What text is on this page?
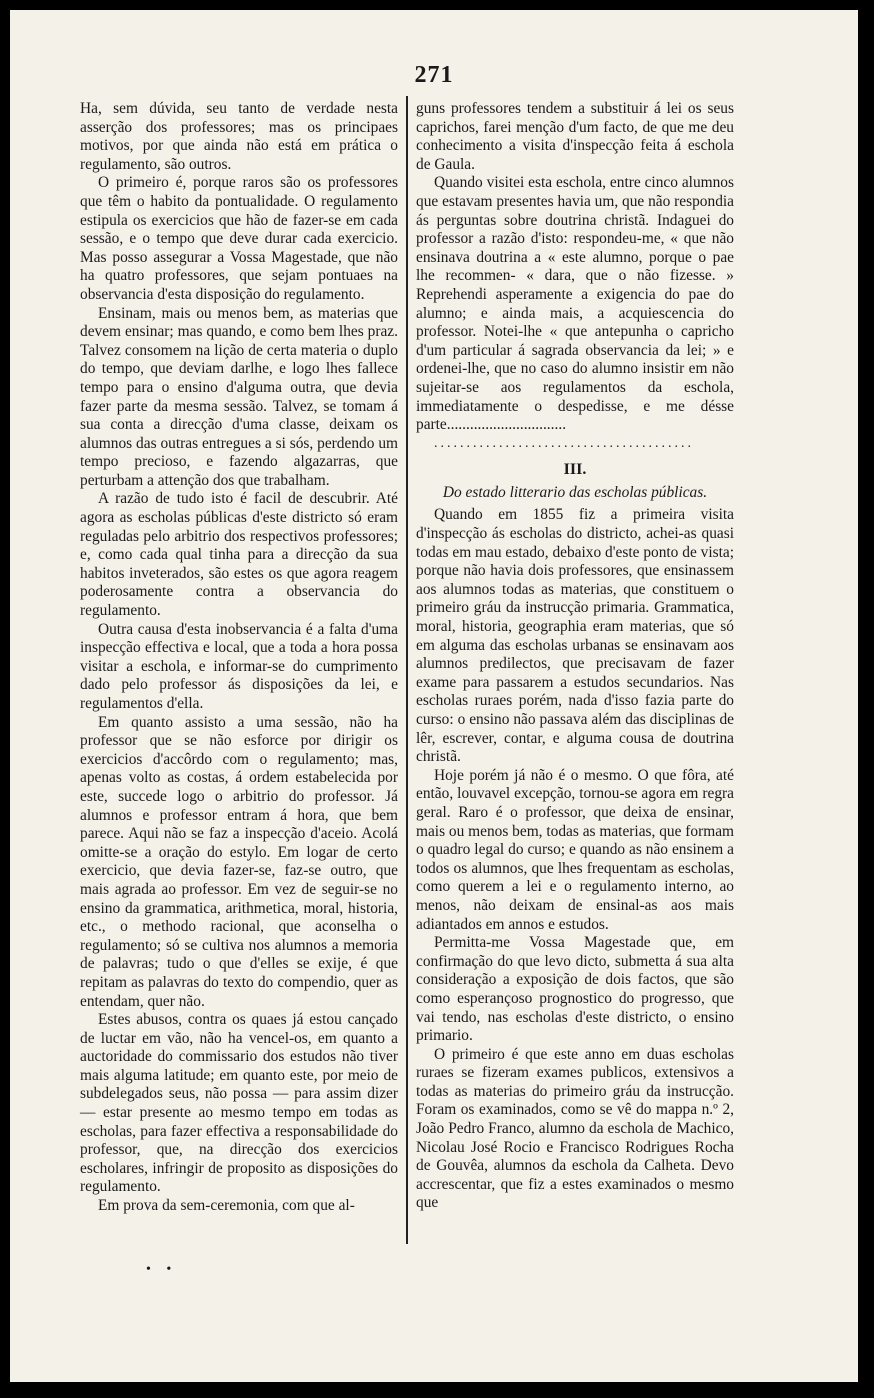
271

Ha, sem dúvida, seu tanto de verdade nesta asserção dos professores; mas os principaes motivos, por que ainda não está em prática o regulamento, são outros.

O primeiro é, porque raros são os professores que têm o habito da pontualidade. O regulamento estipula os exercicios que hão de fazer-se em cada sessão, e o tempo que deve durar cada exercicio. Mas posso assegurar a Vossa Magestade, que não ha quatro professores, que sejam pontuaes na observancia d'esta disposição do regulamento.

Ensinam, mais ou menos bem, as materias que devem ensinar; mas quando, e como bem lhes praz. Talvez consomem na lição de certa materia o duplo do tempo, que deviam darlhe, e logo lhes fallece tempo para o ensino d'alguma outra, que devia fazer parte da mesma sessão. Talvez, se tomam á sua conta a direcção d'uma classe, deixam os alumnos das outras entregues a si sós, perdendo um tempo precioso, e fazendo algazarras, que perturbam a attenção dos que trabalham.

A razão de tudo isto é facil de descubrir. Até agora as escholas públicas d'este districto só eram reguladas pelo arbitrio dos respectivos professores; e, como cada qual tinha para a direcção da sua habitos inveterados, são estes os que agora reagem poderosamente contra a observancia do regulamento.

Outra causa d'esta inobservancia é a falta d'uma inspecção effectiva e local, que a toda a hora possa visitar a eschola, e informar-se do cumprimento dado pelo professor ás disposições da lei, e regulamentos d'ella.

Em quanto assisto a uma sessão, não ha professor que se não esforce por dirigir os exercicios d'accôrdo com o regulamento; mas, apenas volto as costas, á ordem estabelecida por este, succede logo o arbitrio do professor. Já alumnos e professor entram á hora, que bem parece. Aqui não se faz a inspecção d'aceio. Acolá omitte-se a oração do estylo. Em logar de certo exercicio, que devia fazer-se, faz-se outro, que mais agrada ao professor. Em vez de seguir-se no ensino da grammatica, arithmetica, moral, historia, etc., o methodo racional, que aconselha o regulamento; só se cultiva nos alumnos a memoria de palavras; tudo o que d'elles se exije, é que repitam as palavras do texto do compendio, quer as entendam, quer não.

Estes abusos, contra os quaes já estou cançado de luctar em vão, não ha vencel-os, em quanto a auctoridade do commissario dos estudos não tiver mais alguma latitude; em quanto este, por meio de subdelegados seus, não possa — para assim dizer — estar presente ao mesmo tempo em todas as escholas, para fazer effectiva a responsabilidade do professor, que, na direcção dos exercicios escholares, infringir de proposito as disposições do regulamento.

Em prova da sem-ceremonia, com que al-

guns professores tendem a substituir á lei os seus caprichos, farei menção d'um facto, de que me deu conhecimento a visita d'inspecção feita á eschola de Gaula.

Quando visitei esta eschola, entre cinco alumnos que estavam presentes havia um, que não respondia ás perguntas sobre doutrina christã. Indaguei do professor a razão d'isto: respondeu-me, « que não ensinava doutrina a « este alumno, porque o pae lhe recommen- « dara, que o não fizesse. » Reprehendi asperamente a exigencia do pae do alumno; e ainda mais, a acquiescencia do professor. Notei-lhe « que antepunha o capricho d'um particular á sagrada observancia da lei; » e ordenei-lhe, que no caso do alumno insistir em não sujeitar-se aos regulamentos da eschola, immediatamente o despedisse, e me désse parte...............................

........................................

III.
Do estado litterario das escholas públicas.

Quando em 1855 fiz a primeira visita d'inspecção ás escholas do districto, achei-as quasi todas em mau estado, debaixo d'este ponto de vista; porque não havia dois professores, que ensinassem aos alumnos todas as materias, que constituem o primeiro gráu da instrucção primaria. Grammatica, moral, historia, geographia eram materias, que só em alguma das escholas urbanas se ensinavam aos alumnos predilectos, que precisavam de fazer exame para passarem a estudos secundarios. Nas escholas ruraes porém, nada d'isso fazia parte do curso: o ensino não passava além das disciplinas de lêr, escrever, contar, e alguma cousa de doutrina christã.

Hoje porém já não é o mesmo. O que fôra, até então, louvavel excepção, tornou-se agora em regra geral. Raro é o professor, que deixa de ensinar, mais ou menos bem, todas as materias, que formam o quadro legal do curso; e quando as não ensinem a todos os alumnos, que lhes frequentam as escholas, como querem a lei e o regulamento interno, ao menos, não deixam de ensinal-as aos mais adiantados em annos e estudos.

Permitta-me Vossa Magestade que, em confirmação do que levo dicto, submetta á sua alta consideração a exposição de dois factos, que são como esperançoso prognostico do progresso, que vai tendo, nas escholas d'este districto, o ensino primario.

O primeiro é que este anno em duas escholas ruraes se fizeram exames publicos, extensivos a todas as materias do primeiro gráu da instrucção. Foram os examinados, como se vê do mappa n.º 2, João Pedro Franco, alumno da eschola de Machico, Nicolau José Rocio e Francisco Rodrigues Rocha de Gouvêa, alumnos da eschola da Calheta. Devo accrescentar, que fiz a estes examinados o mesmo que

• •
